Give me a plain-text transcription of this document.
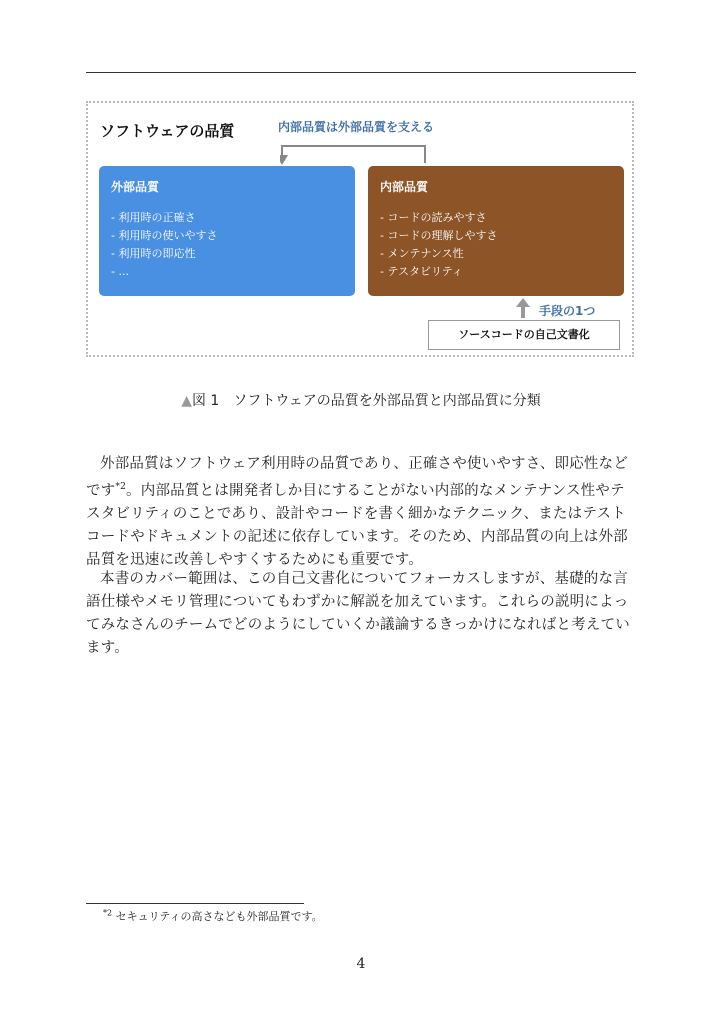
ソフトウェアの品質	内部品質は外部品質を支える
外部品質
- 利用時の正確さ
- 利用時の使いやすさ
- 利用時の即応性
- ...
内部品質
- コードの読みやすさ
- コードの理解しやすさ
- メンテナンス性
- テスタビリティ
手段の1つ
ソースコードの自己文書化
▲図 1　ソフトウェアの品質を外部品質と内部品質に分類

外部品質はソフトウェア利用時の品質であり、正確さや使いやすさ、即応性などです$^{*2}$。内部品質とは開発者しか目にすることがない内部的なメンテナンス性やテスタビリティのことであり、設計やコードを書く細かなテクニック、またはテストコードやドキュメントの記述に依存しています。そのため、内部品質の向上は外部品質を迅速に改善しやすくするためにも重要です。

本書のカバー範囲は、この自己文書化についてフォーカスしますが、基礎的な言語仕様やメモリ管理についてもわずかに解説を加えています。これらの説明によってみなさんのチームでどのようにしていくか議論するきっかけになればと考えています。

$^{*2}$ セキュリティの高さなども外部品質です。
4
